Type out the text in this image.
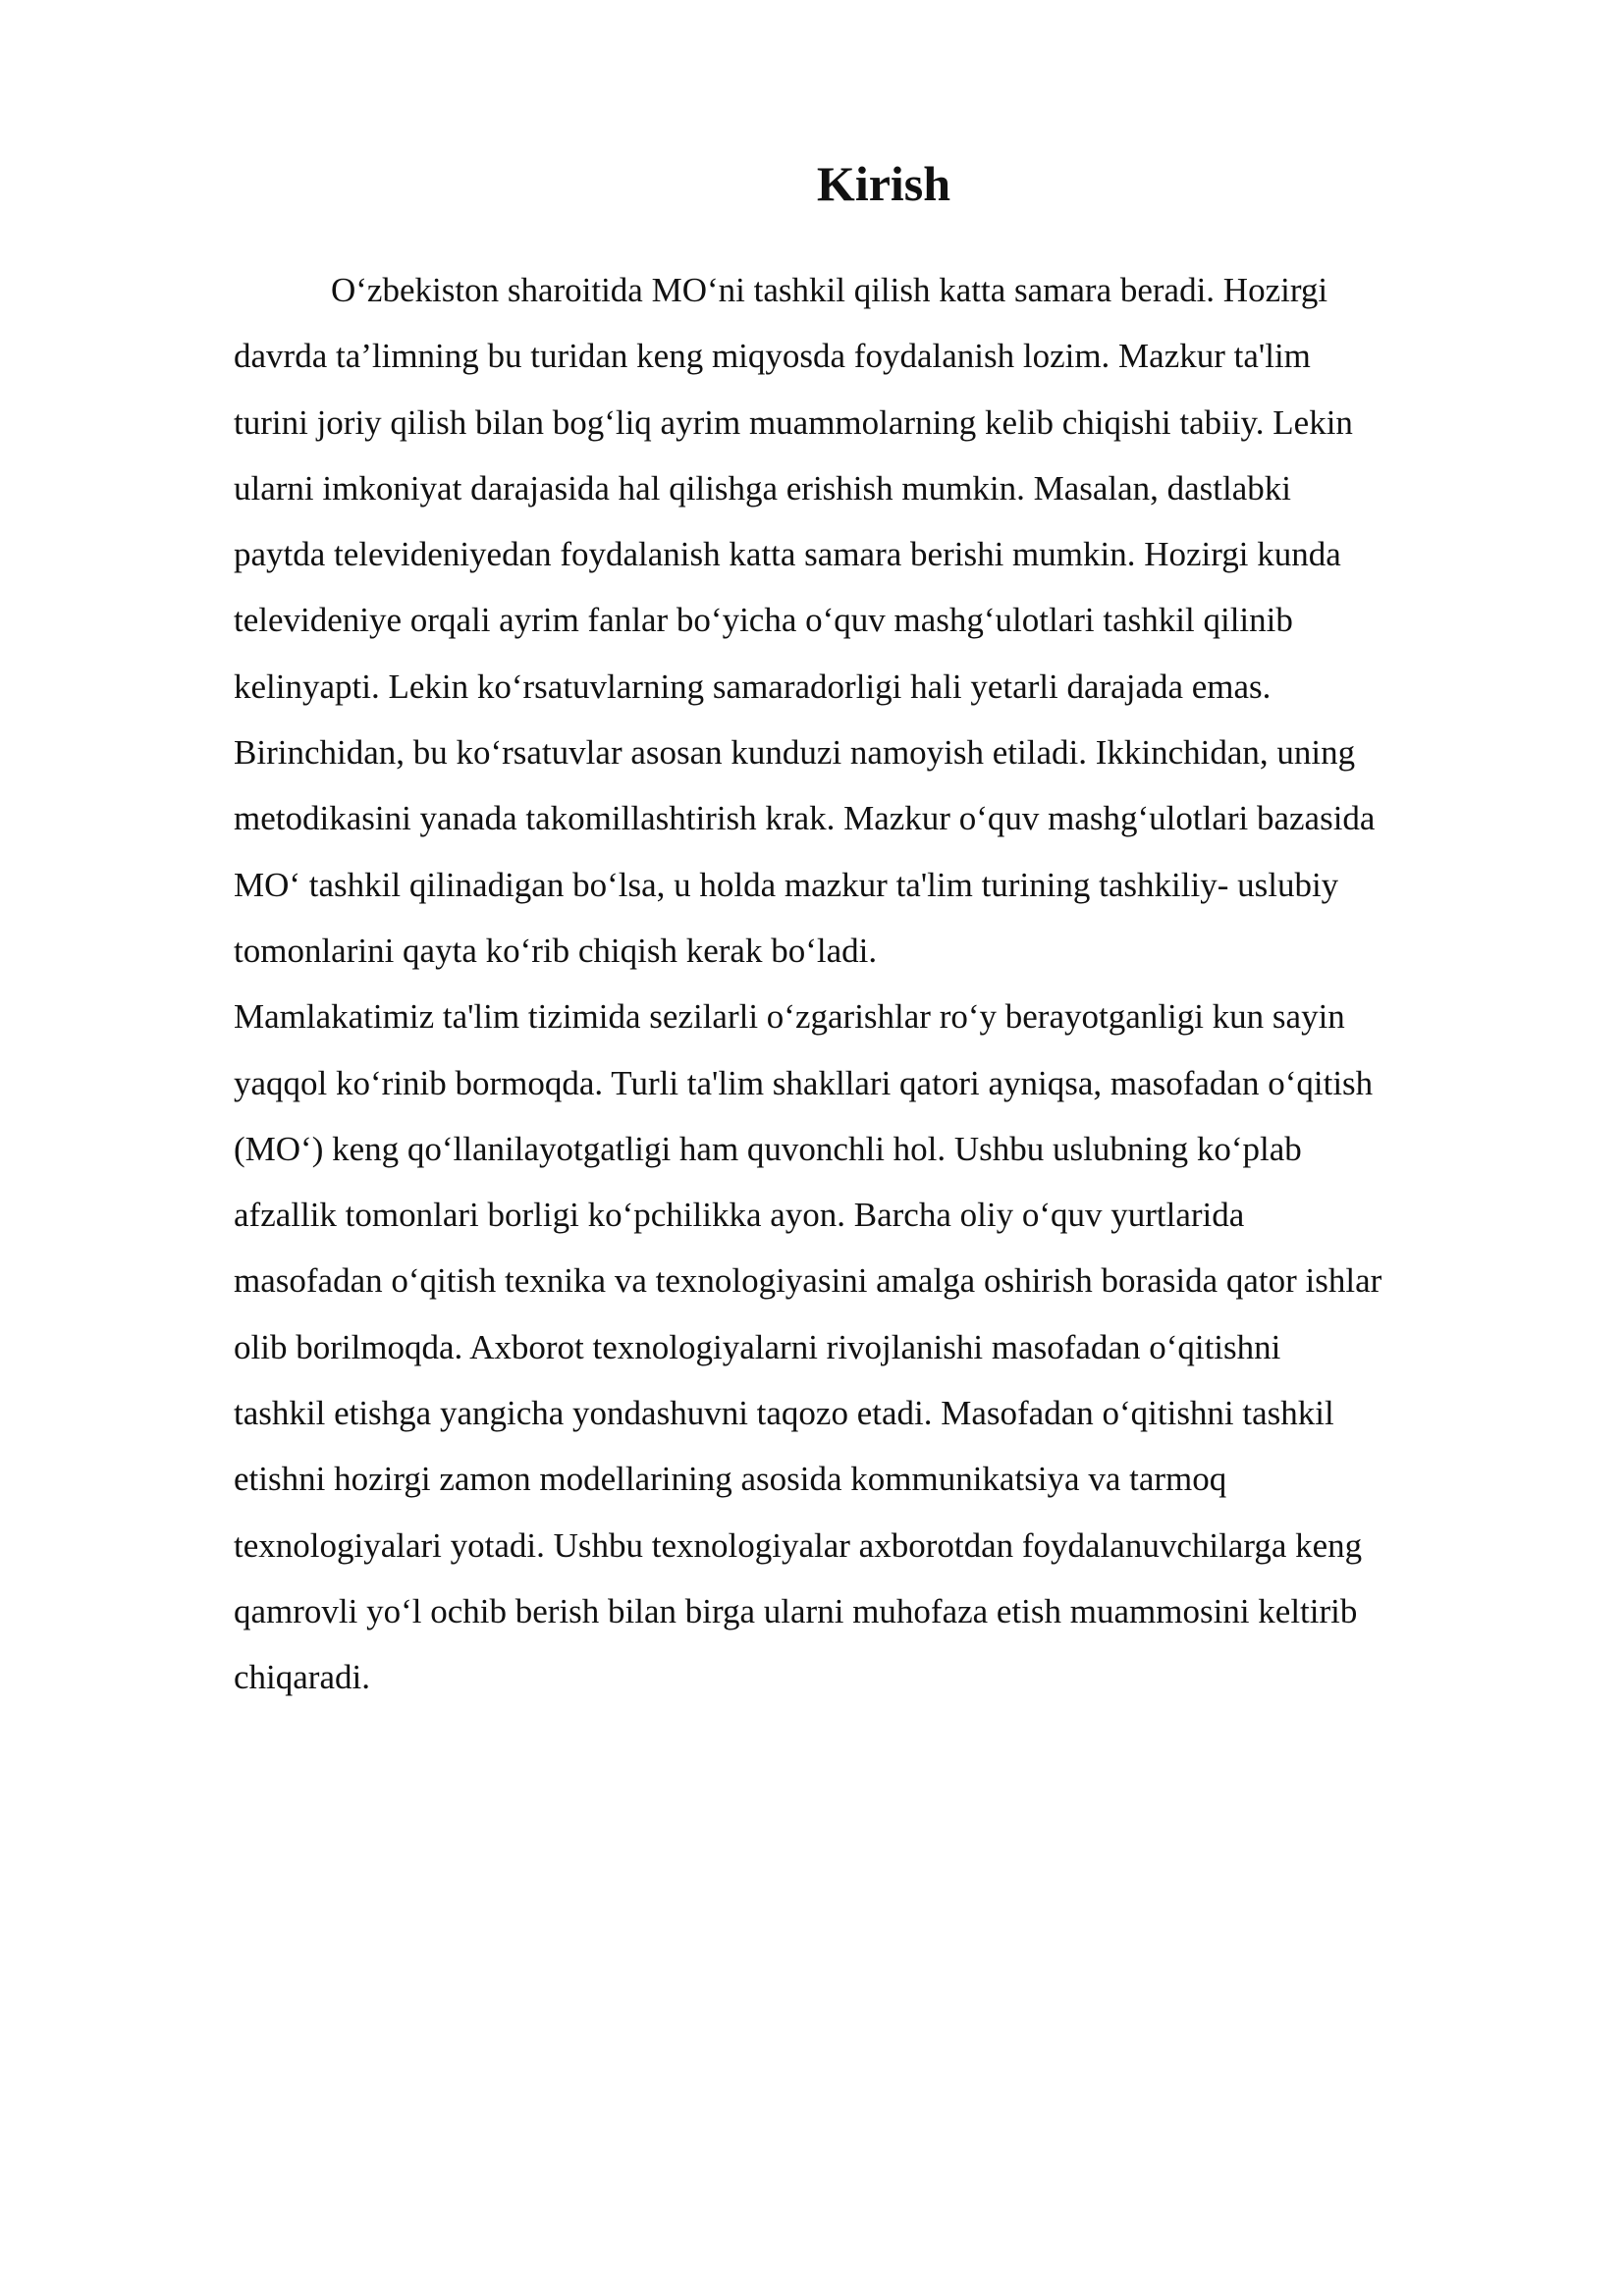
Kirish
O‘zbekiston sharoitida MO‘ni tashkil qilish katta samara beradi. Hozirgi
davrda ta’limning bu turidan keng miqyosda foydalanish lozim. Mazkur ta'lim
turini joriy qilish bilan bog‘liq ayrim muammolarning kelib chiqishi tabiiy. Lekin
ularni imkoniyat darajasida hal qilishga erishish mumkin. Masalan, dastlabki
paytda televideniyedan foydalanish katta samara berishi mumkin. Hozirgi kunda
televideniye orqali ayrim fanlar bo‘yicha o‘quv mashg‘ulotlari tashkil qilinib
kelinyapti. Lekin ko‘rsatuvlarning samaradorligi hali yetarli darajada emas.
Birinchidan, bu ko‘rsatuvlar asosan kunduzi namoyish etiladi. Ikkinchidan, uning
metodikasini yanada takomillashtirish krak. Mazkur o‘quv mashg‘ulotlari bazasida
MO‘ tashkil qilinadigan bo‘lsa, u holda mazkur ta'lim turining tashkiliy- uslubiy
tomonlarini qayta ko‘rib chiqish kerak bo‘ladi.
Mamlakatimiz ta'lim tizimida sezilarli o‘zgarishlar ro‘y berayotganligi kun sayin
yaqqol ko‘rinib bormoqda. Turli ta'lim shakllari qatori ayniqsa, masofadan o‘qitish
(MO‘) keng qo‘llanilayotgatligi ham quvonchli hol. Ushbu uslubning ko‘plab
afzallik tomonlari borligi ko‘pchilikka ayon. Barcha oliy o‘quv yurtlarida
masofadan o‘qitish texnika va texnologiyasini amalga oshirish borasida qator ishlar
olib borilmoqda. Axborot texnologiyalarni rivojlanishi masofadan o‘qitishni
tashkil etishga yangicha yondashuvni taqozo etadi. Masofadan o‘qitishni tashkil
etishni hozirgi zamon modellarining asosida kommunikatsiya va tarmoq
texnologiyalari yotadi. Ushbu texnologiyalar axborotdan foydalanuvchilarga keng
qamrovli yo‘l ochib berish bilan birga ularni muhofaza etish muammosini keltirib
chiqaradi.
